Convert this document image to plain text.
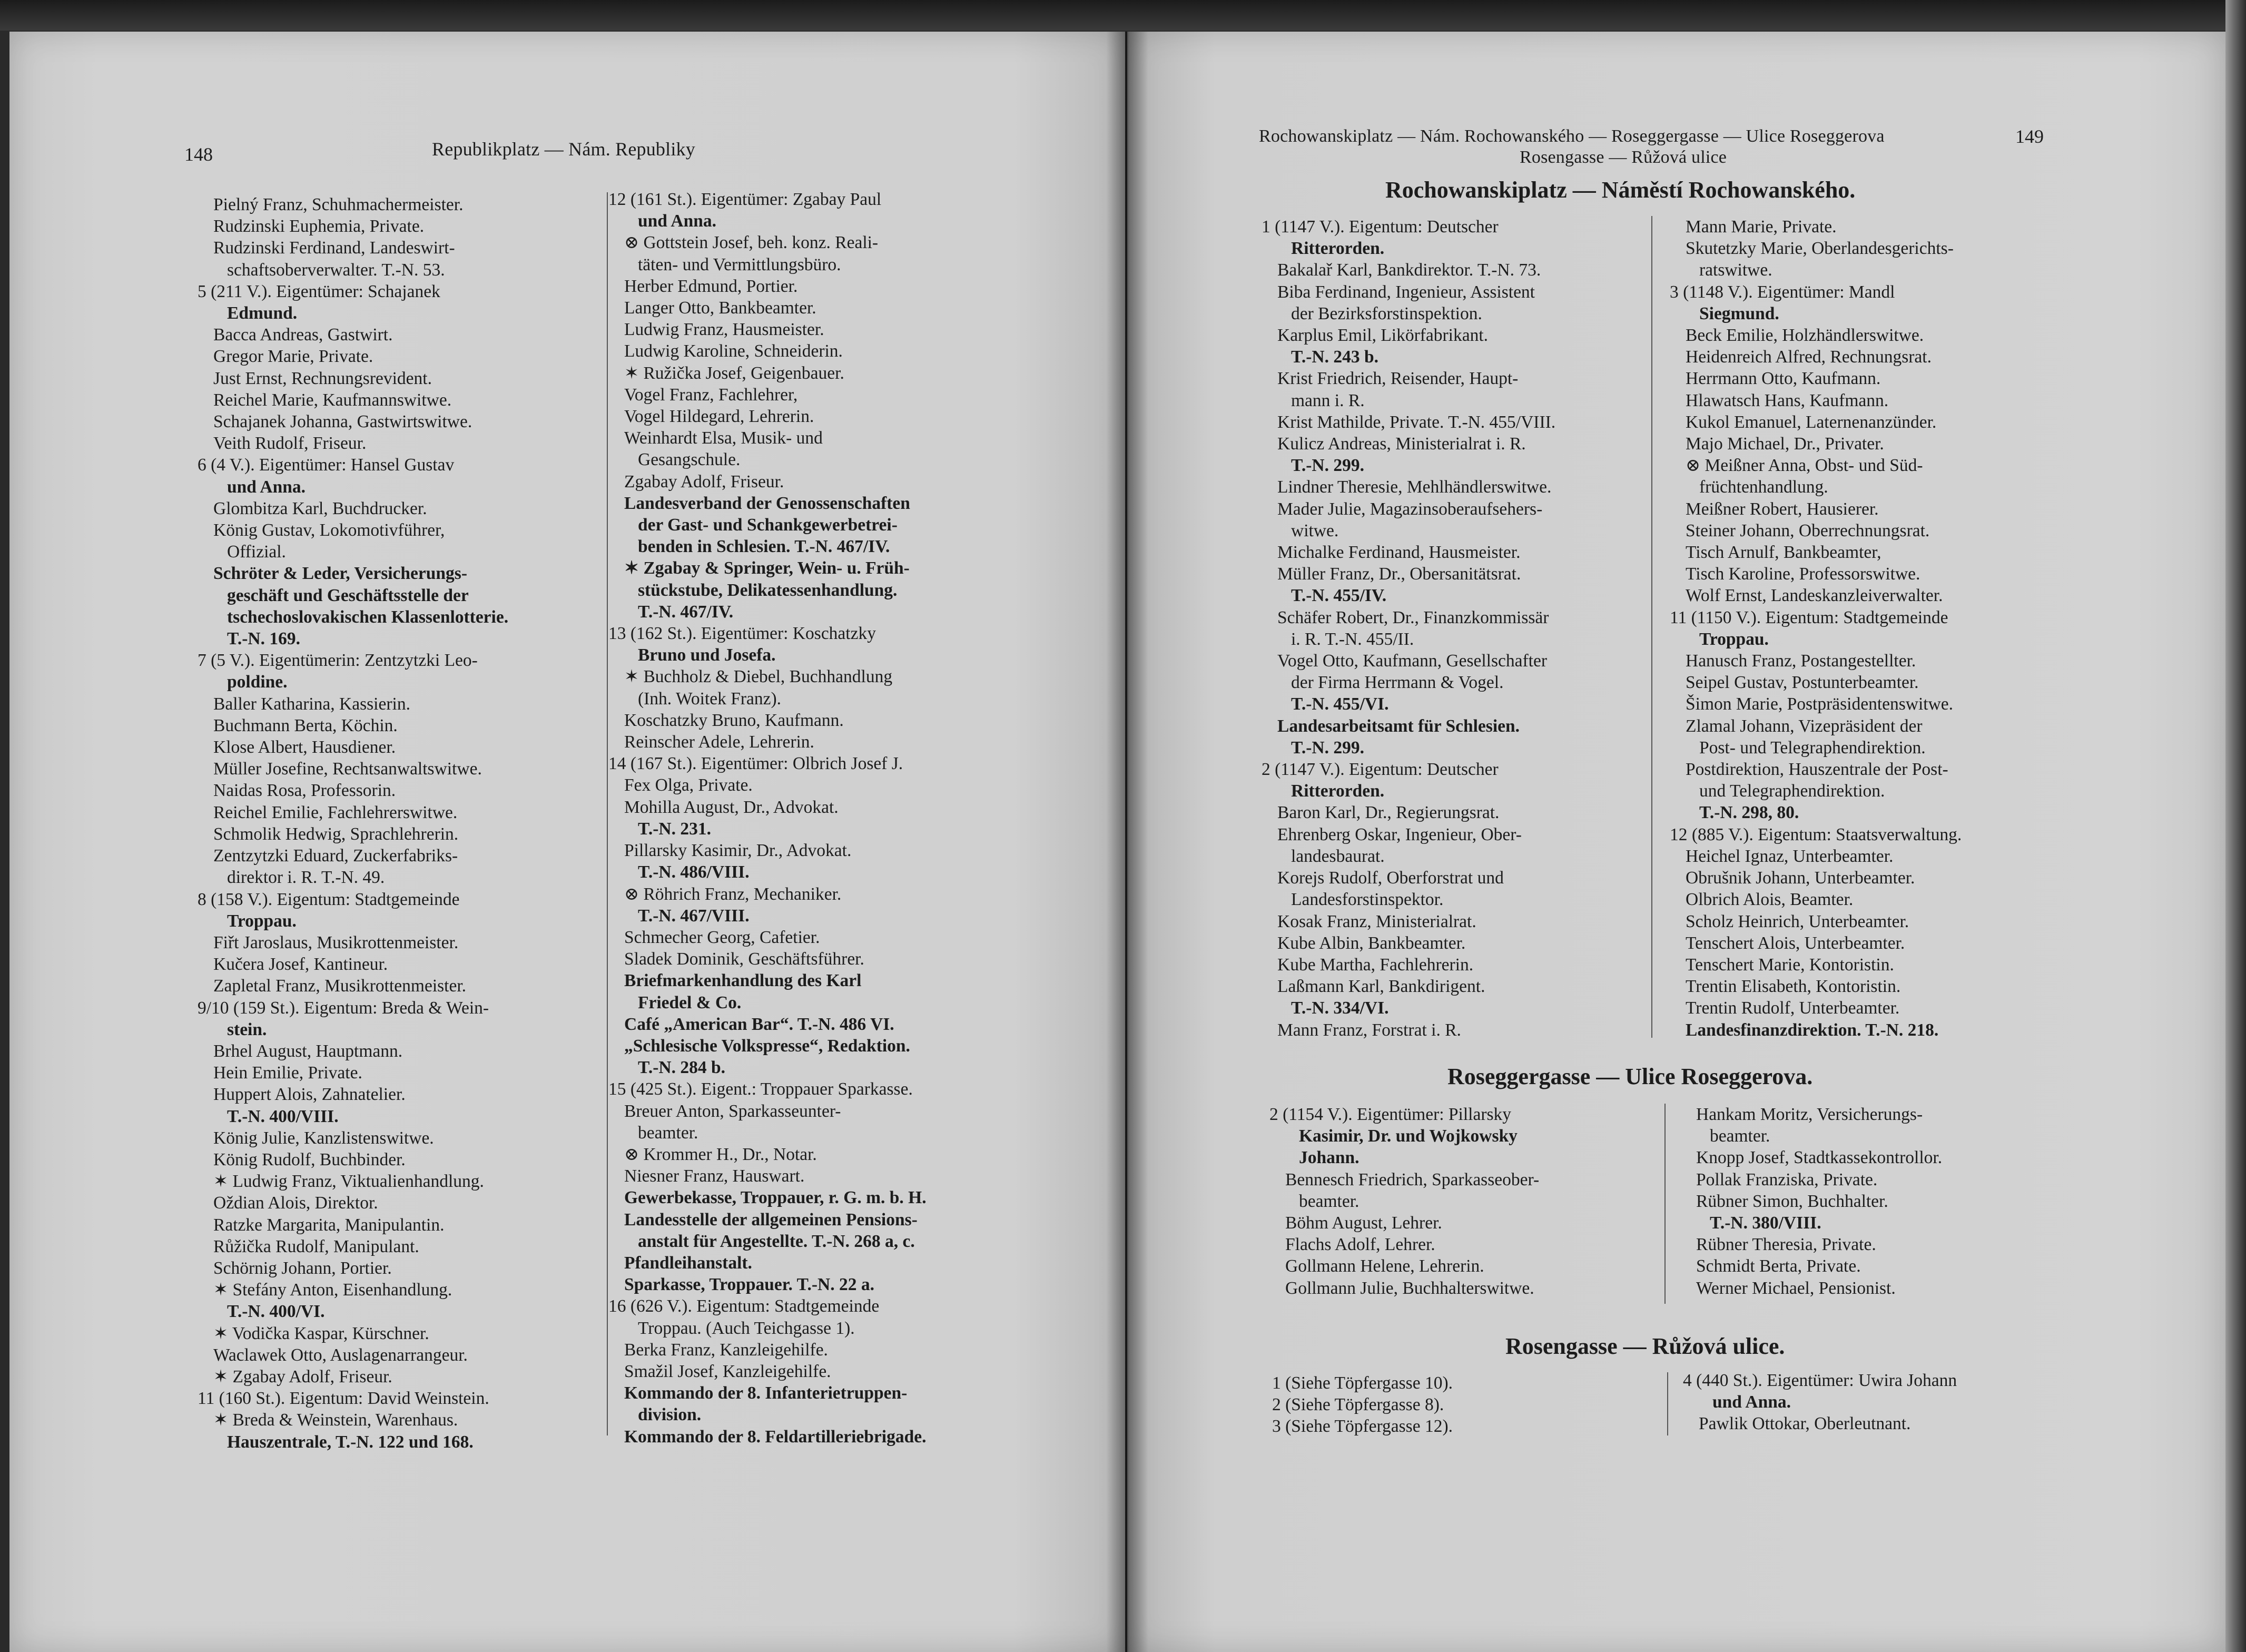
148	Republikplatz — Nám. Republiky
Pielný Franz, Schuhmachermeister.
Rudzinski Euphemia, Private.
Rudzinski Ferdinand, Landeswirt-
schaftsoberverwalter. T.-N. 53.
5 (211 V.). Eigentümer: Schajanek
Edmund.
Bacca Andreas, Gastwirt.
Gregor Marie, Private.
Just Ernst, Rechnungsrevident.
Reichel Marie, Kaufmannswitwe.
Schajanek Johanna, Gastwirtswitwe.
Veith Rudolf, Friseur.
6 (4 V.). Eigentümer: Hansel Gustav
und Anna.
Glombitza Karl, Buchdrucker.
König Gustav, Lokomotivführer,
Offizial.
Schröter & Leder, Versicherungs-
geschäft und Geschäftsstelle der
tschechoslovakischen Klassenlotterie.
T.-N. 169.
7 (5 V.). Eigentümerin: Zentzytzki Leo-
poldine.
Baller Katharina, Kassierin.
Buchmann Berta, Köchin.
Klose Albert, Hausdiener.
Müller Josefine, Rechtsanwaltswitwe.
Naidas Rosa, Professorin.
Reichel Emilie, Fachlehrerswitwe.
Schmolik Hedwig, Sprachlehrerin.
Zentzytzki Eduard, Zuckerfabriks-
direktor i. R. T.-N. 49.
8 (158 V.). Eigentum: Stadtgemeinde
Troppau.
Fiřt Jaroslaus, Musikrottenmeister.
Kučera Josef, Kantineur.
Zapletal Franz, Musikrottenmeister.
9/10 (159 St.). Eigentum: Breda & Wein-
stein.
Brhel August, Hauptmann.
Hein Emilie, Private.
Huppert Alois, Zahnatelier.
T.-N. 400/VIII.
König Julie, Kanzlistenswitwe.
König Rudolf, Buchbinder.
✶ Ludwig Franz, Viktualienhandlung.
Oždian Alois, Direktor.
Ratzke Margarita, Manipulantin.
Růžička Rudolf, Manipulant.
Schörnig Johann, Portier.
✶ Stefány Anton, Eisenhandlung.
T.-N. 400/VI.
✶ Vodička Kaspar, Kürschner.
Waclawek Otto, Auslagenarrangeur.
✶ Zgabay Adolf, Friseur.
11 (160 St.). Eigentum: David Weinstein.
✶ Breda & Weinstein, Warenhaus.
Hauszentrale, T.-N. 122 und 168.
12 (161 St.). Eigentümer: Zgabay Paul
und Anna.
⊗ Gottstein Josef, beh. konz. Reali-
täten- und Vermittlungsbüro.
Herber Edmund, Portier.
Langer Otto, Bankbeamter.
Ludwig Franz, Hausmeister.
Ludwig Karoline, Schneiderin.
✶ Ružička Josef, Geigenbauer.
Vogel Franz, Fachlehrer,
Vogel Hildegard, Lehrerin.
Weinhardt Elsa, Musik- und
Gesangschule.
Zgabay Adolf, Friseur.
Landesverband der Genossenschaften
der Gast- und Schankgewerbetrei-
benden in Schlesien. T.-N. 467/IV.
✶ Zgabay & Springer, Wein- u. Früh-
stückstube, Delikatessenhandlung.
T.-N. 467/IV.
13 (162 St.). Eigentümer: Koschatzky
Bruno und Josefa.
✶ Buchholz & Diebel, Buchhandlung
(Inh. Woitek Franz).
Koschatzky Bruno, Kaufmann.
Reinscher Adele, Lehrerin.
14 (167 St.). Eigentümer: Olbrich Josef J.
Fex Olga, Private.
Mohilla August, Dr., Advokat.
T.-N. 231.
Pillarsky Kasimir, Dr., Advokat.
T.-N. 486/VIII.
⊗ Röhrich Franz, Mechaniker.
T.-N. 467/VIII.
Schmecher Georg, Cafetier.
Sladek Dominik, Geschäftsführer.
Briefmarkenhandlung des Karl
Friedel & Co.
Café „American Bar“. T.-N. 486 VI.
„Schlesische Volkspresse“, Redaktion.
T.-N. 284 b.
15 (425 St.). Eigent.: Troppauer Sparkasse.
Breuer Anton, Sparkasseunter-
beamter.
⊗ Krommer H., Dr., Notar.
Niesner Franz, Hauswart.
Gewerbekasse, Troppauer, r. G. m. b. H.
Landesstelle der allgemeinen Pensions-
anstalt für Angestellte. T.-N. 268 a, c.
Pfandleihanstalt.
Sparkasse, Troppauer. T.-N. 22 a.
16 (626 V.). Eigentum: Stadtgemeinde
Troppau. (Auch Teichgasse 1).
Berka Franz, Kanzleigehilfe.
Smažil Josef, Kanzleigehilfe.
Kommando der 8. Infanterietruppen-
division.
Kommando der 8. Feldartilleriebrigade.
Rochowanskiplatz — Nám. Rochowanského — Roseggergasse — Ulice Roseggerova	149
Rosengasse — Růžová ulice
Rochowanskiplatz — Náměstí Rochowanského.
1 (1147 V.). Eigentum: Deutscher
Ritterorden.
Bakalař Karl, Bankdirektor. T.-N. 73.
Biba Ferdinand, Ingenieur, Assistent
der Bezirksforstinspektion.
Karplus Emil, Likörfabrikant.
T.-N. 243 b.
Krist Friedrich, Reisender, Haupt-
mann i. R.
Krist Mathilde, Private. T.-N. 455/VIII.
Kulicz Andreas, Ministerialrat i. R.
T.-N. 299.
Lindner Theresie, Mehlhändlerswitwe.
Mader Julie, Magazinsoberaufsehers-
witwe.
Michalke Ferdinand, Hausmeister.
Müller Franz, Dr., Obersanitätsrat.
T.-N. 455/IV.
Schäfer Robert, Dr., Finanzkommissär
i. R. T.-N. 455/II.
Vogel Otto, Kaufmann, Gesellschafter
der Firma Herrmann & Vogel.
T.-N. 455/VI.
Landesarbeitsamt für Schlesien.
T.-N. 299.
2 (1147 V.). Eigentum: Deutscher
Ritterorden.
Baron Karl, Dr., Regierungsrat.
Ehrenberg Oskar, Ingenieur, Ober-
landesbaurat.
Korejs Rudolf, Oberforstrat und
Landesforstinspektor.
Kosak Franz, Ministerialrat.
Kube Albin, Bankbeamter.
Kube Martha, Fachlehrerin.
Laßmann Karl, Bankdirigent.
T.-N. 334/VI.
Mann Franz, Forstrat i. R.
Mann Marie, Private.
Skutetzky Marie, Oberlandesgerichts-
ratswitwe.
3 (1148 V.). Eigentümer: Mandl
Siegmund.
Beck Emilie, Holzhändlerswitwe.
Heidenreich Alfred, Rechnungsrat.
Herrmann Otto, Kaufmann.
Hlawatsch Hans, Kaufmann.
Kukol Emanuel, Laternenanzünder.
Majo Michael, Dr., Privater.
⊗ Meißner Anna, Obst- und Süd-
früchtenhandlung.
Meißner Robert, Hausierer.
Steiner Johann, Oberrechnungsrat.
Tisch Arnulf, Bankbeamter,
Tisch Karoline, Professorswitwe.
Wolf Ernst, Landeskanzleiverwalter.
11 (1150 V.). Eigentum: Stadtgemeinde
Troppau.
Hanusch Franz, Postangestellter.
Seipel Gustav, Postunterbeamter.
Šimon Marie, Postpräsidentenswitwe.
Zlamal Johann, Vizepräsident der
Post- und Telegraphendirektion.
Postdirektion, Hauszentrale der Post-
und Telegraphendirektion.
T.-N. 298, 80.
12 (885 V.). Eigentum: Staatsverwaltung.
Heichel Ignaz, Unterbeamter.
Obrušnik Johann, Unterbeamter.
Olbrich Alois, Beamter.
Scholz Heinrich, Unterbeamter.
Tenschert Alois, Unterbeamter.
Tenschert Marie, Kontoristin.
Trentin Elisabeth, Kontoristin.
Trentin Rudolf, Unterbeamter.
Landesfinanzdirektion. T.-N. 218.
Roseggergasse — Ulice Roseggerova.
2 (1154 V.). Eigentümer: Pillarsky
Kasimir, Dr. und Wojkowsky
Johann.
Bennesch Friedrich, Sparkasseober-
beamter.
Böhm August, Lehrer.
Flachs Adolf, Lehrer.
Gollmann Helene, Lehrerin.
Gollmann Julie, Buchhalterswitwe.
Hankam Moritz, Versicherungs-
beamter.
Knopp Josef, Stadtkassekontrollor.
Pollak Franziska, Private.
Rübner Simon, Buchhalter.
T.-N. 380/VIII.
Rübner Theresia, Private.
Schmidt Berta, Private.
Werner Michael, Pensionist.
Rosengasse — Růžová ulice.
1 (Siehe Töpfergasse 10).
2 (Siehe Töpfergasse 8).
3 (Siehe Töpfergasse 12).
4 (440 St.). Eigentümer: Uwira Johann
und Anna.
Pawlik Ottokar, Oberleutnant.
